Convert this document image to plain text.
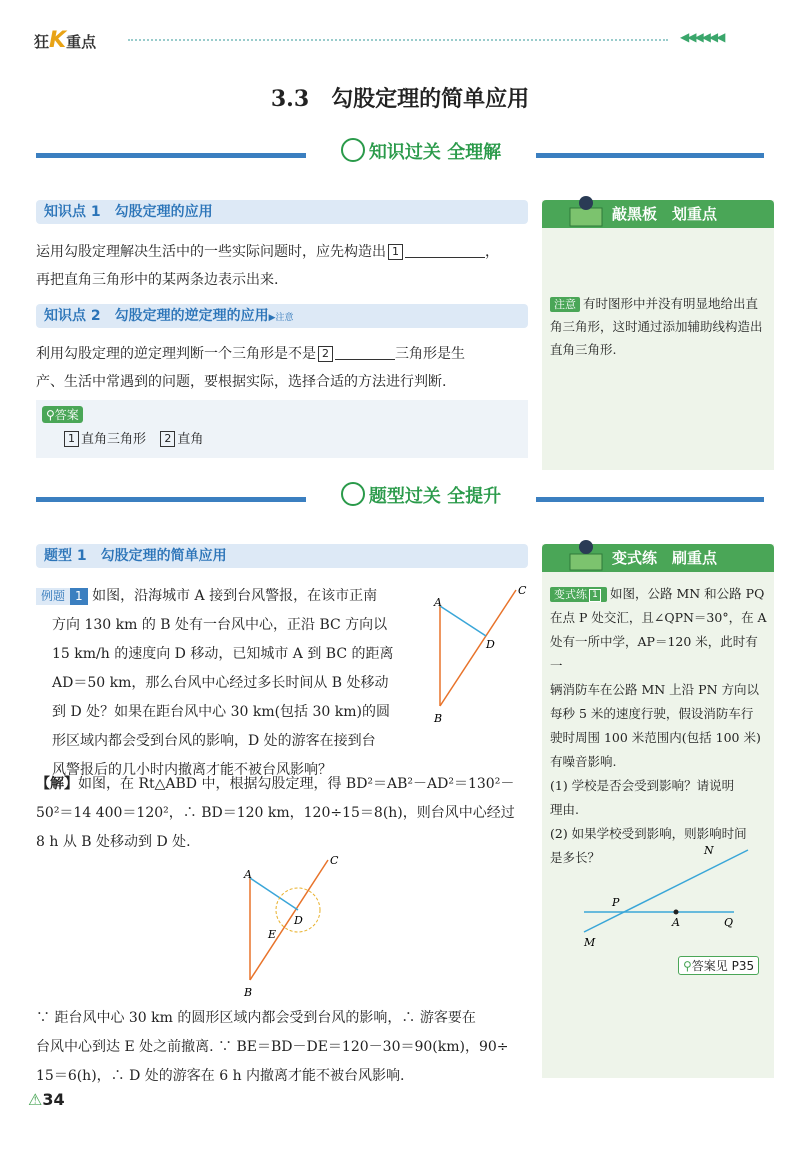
狂K重点	◀◀◀◀◀◀
3.3　勾股定理的简单应用
知识过关 全理解
知识点 1　勾股定理的应用
运用勾股定理解决生活中的一些实际问题时，应先构造出 1	，
再把直角三角形中的某两条边表示出来.
知识点 2　勾股定理的逆定理的应用▶注意
利用勾股定理的逆定理判断一个三角形是不是 2	三角形是生
产、生活中常遇到的问题，要根据实际，选择合适的方法进行判断.
⚲答案
1 直角三角形 2 直角
敲黑板　划重点
注意 有时图形中并没有明显地给出直角三角形，这时通过添加辅助线构造出直角三角形.
题型过关 全提升
题型 1　勾股定理的简单应用
例题 1 如图，沿海城市 A 接到台风警报，在该市正南
方向 130 km 的 B 处有一台风中心，正沿 BC 方向以
15 km/h 的速度向 D 移动，已知城市 A 到 BC 的距离
AD＝50 km，那么台风中心经过多长时间从 B 处移动
到 D 处？如果在距台风中心 30 km(包括 30 km)的圆
形区域内都会受到台风的影响，D 处的游客在接到台
风警报后的几小时内撤离才能不被台风影响？
A
B
C
D
【解】如图，在 Rt△ABD 中，根据勾股定理，得 BD²＝AB²－AD²＝130²－
50²＝14 400＝120²，∴ BD＝120 km，120÷15＝8(h)，则台风中心经过
8 h 从 B 处移动到 D 处.
A
B
C
D
E
∵ 距台风中心 30 km 的圆形区域内都会受到台风的影响，∴ 游客要在
台风中心到达 E 处之前撤离. ∵ BE＝BD－DE＝120－30＝90(km)，90÷
15＝6(h)，∴ D 处的游客在 6 h 内撤离才能不被台风影响.
变式练　刷重点
变式练 1 如图，公路 MN 和公路 PQ
在点 P 处交汇，且∠QPN＝30°，在 A
处有一所中学，AP＝120 米，此时有一
辆消防车在公路 MN 上沿 PN 方向以
每秒 5 米的速度行驶，假设消防车行
驶时周围 100 米范围内(包括 100 米)
有噪音影响.
(1) 学校是否会受到影响？请说明
理由.
(2) 如果学校受到影响，则影响时间
是多长？	N
P
A	Q
M
⚲答案见 P35
⚠34
